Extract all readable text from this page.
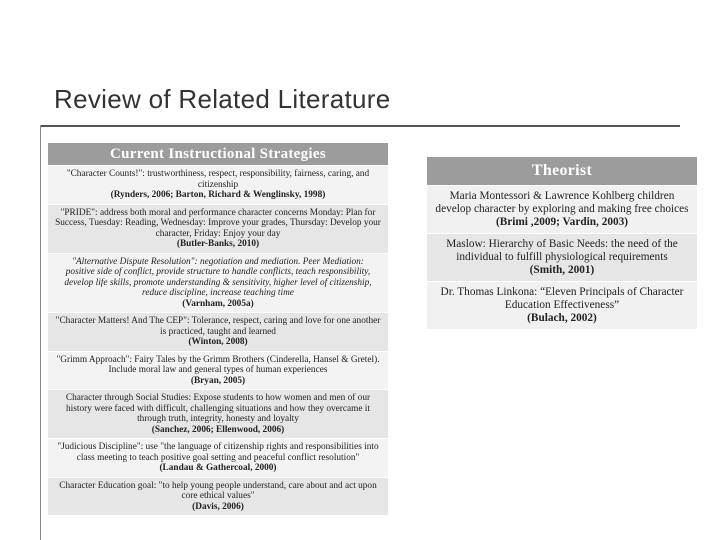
Review of Related Literature
Current Instructional Strategies
"Character Counts!": trustworthiness, respect, responsibility, fairness, caring, and citizenship
(Rynders, 2006; Barton, Richard & Wenglinsky, 1998)
"PRIDE": address both moral and performance character concerns Monday: Plan for Success, Tuesday: Reading, Wednesday: Improve your grades, Thursday: Develop your character, Friday: Enjoy your day
(Butler-Banks, 2010)
"Alternative Dispute Resolution": negotiation and mediation. Peer Mediation:
positive side of conflict, provide structure to handle conflicts, teach responsibility, develop life skills, promote understanding & sensitivity, higher level of citizenship, reduce discipline, increase teaching time
(Varnham, 2005a)
"Character Matters! And The CEP": Tolerance, respect, caring and love for one another is practiced, taught and learned
(Winton, 2008)
"Grimm Approach": Fairy Tales by the Grimm Brothers (Cinderella, Hansel & Gretel). Include moral law and general types of human experiences
(Bryan, 2005)
Character through Social Studies: Expose students to how women and men of our history were faced with difficult, challenging situations and how they overcame it through truth, integrity, honesty and loyalty
(Sanchez, 2006; Ellenwood, 2006)
"Judicious Discipline": use "the language of citizenship rights and responsibilities into class meeting to teach positive goal setting and peaceful conflict resolution"
(Landau & Gathercoal, 2000)
Character Education goal: "to help young people understand, care about and act upon core ethical values"
(Davis, 2006)
Theorist
Maria Montessori & Lawrence Kohlberg children develop character by exploring and making free choices
(Brimi ,2009; Vardin, 2003)
Maslow: Hierarchy of Basic Needs: the need of the individual to fulfill physiological requirements
(Smith, 2001)
Dr. Thomas Linkona: “Eleven Principals of Character Education Effectiveness”
(Bulach, 2002)
